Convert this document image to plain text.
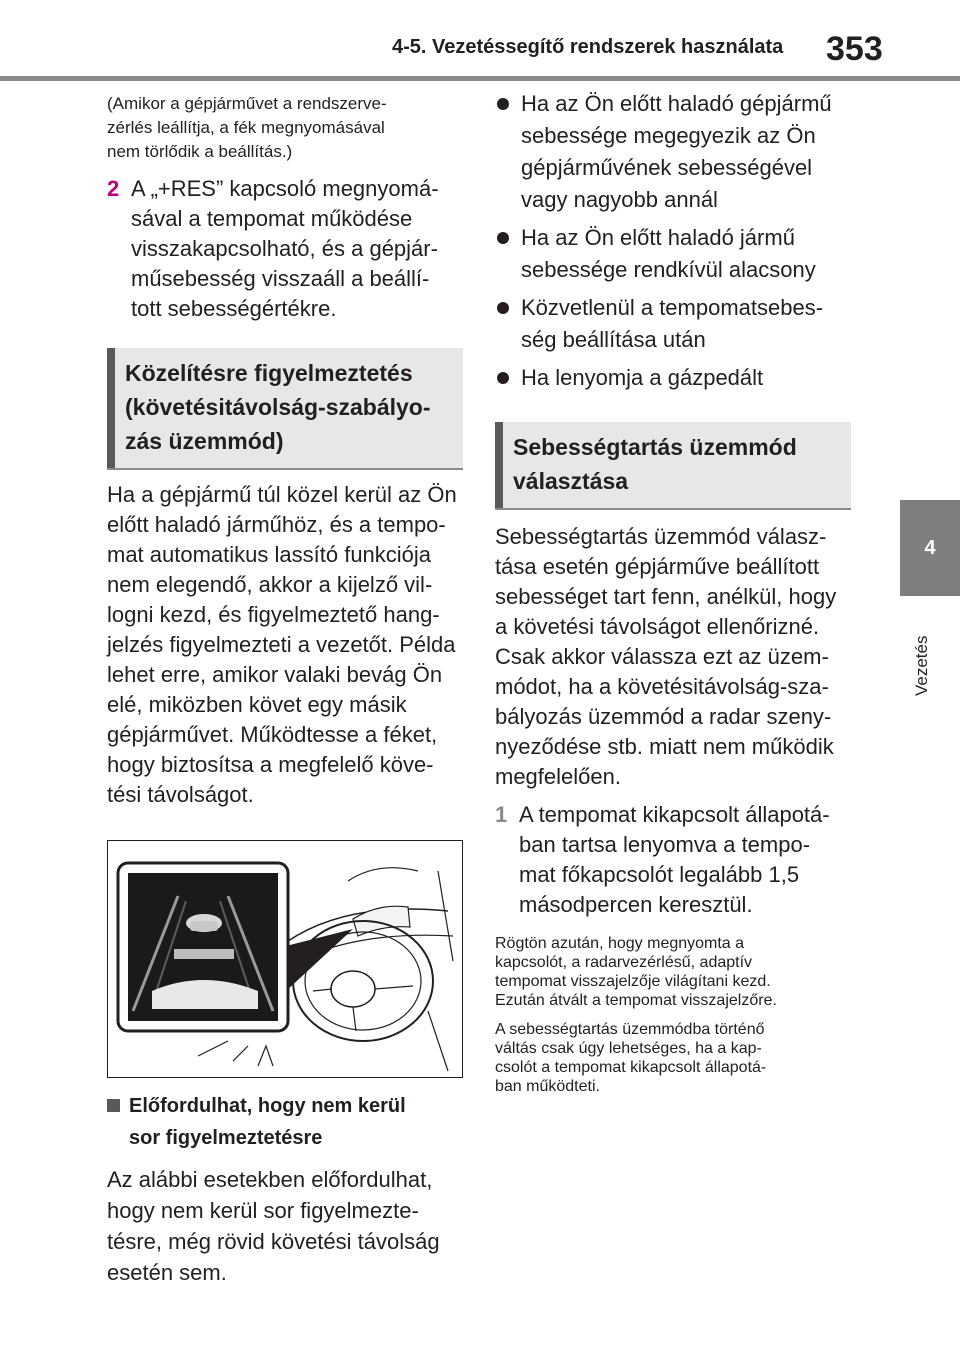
4-5. Vezetéssegítő rendszerek használata 353
4
Vezetés
(Amikor a gépjárművet a rendszerve-
zérlés leállítja, a fék megnyomásával
nem törlődik a beállítás.)
2 A „+RES” kapcsoló megnyomá-
sával a tempomat működése
visszakapcsolható, és a gépjár-
műsebesség visszaáll a beállí-
tott sebességértékre.
Közelítésre figyelmeztetés
(követésitávolság-szabályo-
zás üzemmód)
Ha a gépjármű túl közel kerül az Ön
előtt haladó járműhöz, és a tempo-
mat automatikus lassító funkciója
nem elegendő, akkor a kijelző vil-
logni kezd, és figyelmeztető hang-
jelzés figyelmezteti a vezetőt. Példa
lehet erre, amikor valaki bevág Ön
elé, miközben követ egy másik
gépjárművet. Működtesse a féket,
hogy biztosítsa a megfelelő köve-
tési távolságot.
Előfordulhat, hogy nem kerül
sor figyelmeztetésre
Az alábbi esetekben előfordulhat,
hogy nem kerül sor figyelmezte-
tésre, még rövid követési távolság
esetén sem.
Ha az Ön előtt haladó gépjármű
sebessége megegyezik az Ön
gépjárművének sebességével
vagy nagyobb annál
Ha az Ön előtt haladó jármű
sebessége rendkívül alacsony
Közvetlenül a tempomatsebes-
ség beállítása után
Ha lenyomja a gázpedált
Sebességtartás üzemmód
választása
Sebességtartás üzemmód válasz-
tása esetén gépjárműve beállított
sebességet tart fenn, anélkül, hogy
a követési távolságot ellenőrizné.
Csak akkor válassza ezt az üzem-
módot, ha a követésitávolság-sza-
bályozás üzemmód a radar szeny-
nyeződése stb. miatt nem működik
megfelelően.
1 A tempomat kikapcsolt állapotá-
ban tartsa lenyomva a tempo-
mat főkapcsolót legalább 1,5
másodpercen keresztül.
Rögtön azután, hogy megnyomta a
kapcsolót, a radarvezérlésű, adaptív
tempomat visszajelzője világítani kezd.
Ezután átvált a tempomat visszajelzőre.
A sebességtartás üzemmódba történő
váltás csak úgy lehetséges, ha a kap-
csolót a tempomat kikapcsolt állapotá-
ban működteti.
